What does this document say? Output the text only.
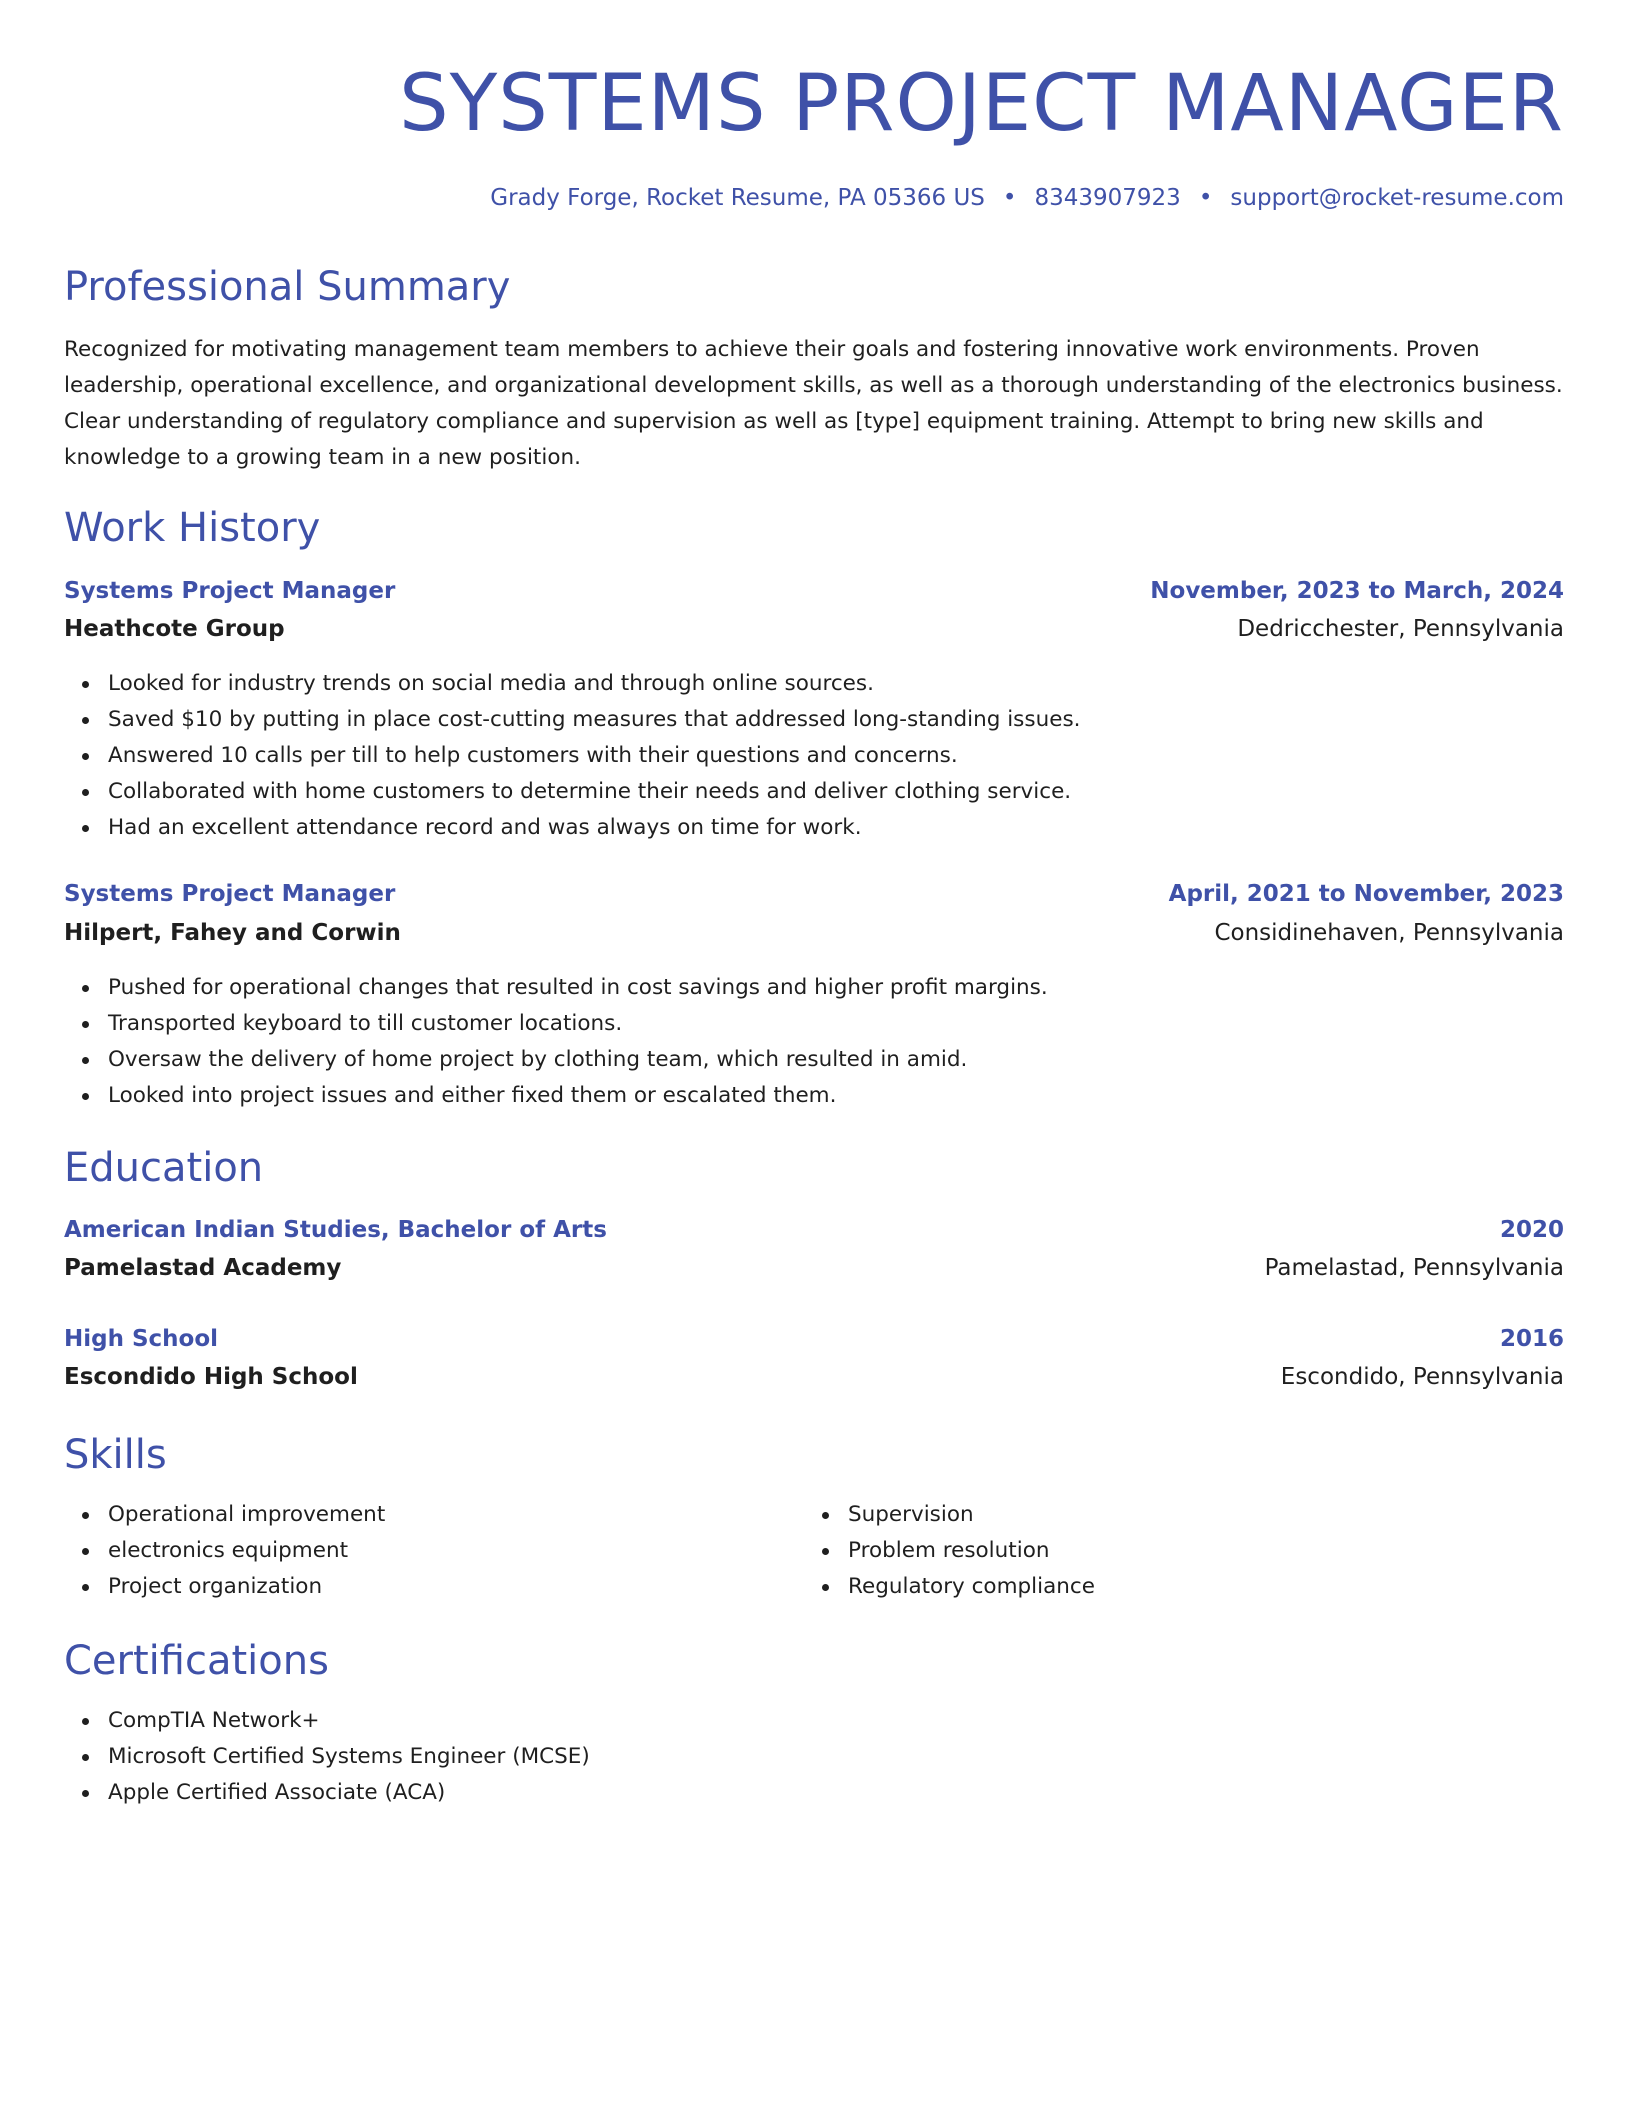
SYSTEMS PROJECT MANAGER
Grady Forge, Rocket Resume, PA 05366 US • 8343907923 • support@rocket-resume.com
Professional Summary

Recognized for motivating management team members to achieve their goals and fostering innovative work environments. Proven leadership, operational excellence, and organizational development skills, as well as a thorough understanding of the electronics business. Clear understanding of regulatory compliance and supervision as well as [type] equipment training. Attempt to bring new skills and knowledge to a growing team in a new position.

Work History
Systems Project Manager	November, 2023 to March, 2024
Heathcote Group	Dedricchester, Pennsylvania
Looked for industry trends on social media and through online sources.
Saved $10 by putting in place cost-cutting measures that addressed long-standing issues.
Answered 10 calls per till to help customers with their questions and concerns.
Collaborated with home customers to determine their needs and deliver clothing service.
Had an excellent attendance record and was always on time for work.
Systems Project Manager	April, 2021 to November, 2023
Hilpert, Fahey and Corwin	Considinehaven, Pennsylvania
Pushed for operational changes that resulted in cost savings and higher profit margins.
Transported keyboard to till customer locations.
Oversaw the delivery of home project by clothing team, which resulted in amid.
Looked into project issues and either fixed them or escalated them.
Education
American Indian Studies, Bachelor of Arts	2020
Pamelastad Academy	Pamelastad, Pennsylvania
High School	2016
Escondido High School	Escondido, Pennsylvania
Skills
Operational improvement
electronics equipment
Project organization
Supervision
Problem resolution
Regulatory compliance
Certifications
CompTIA Network+
Microsoft Certified Systems Engineer (MCSE)
Apple Certified Associate (ACA)
